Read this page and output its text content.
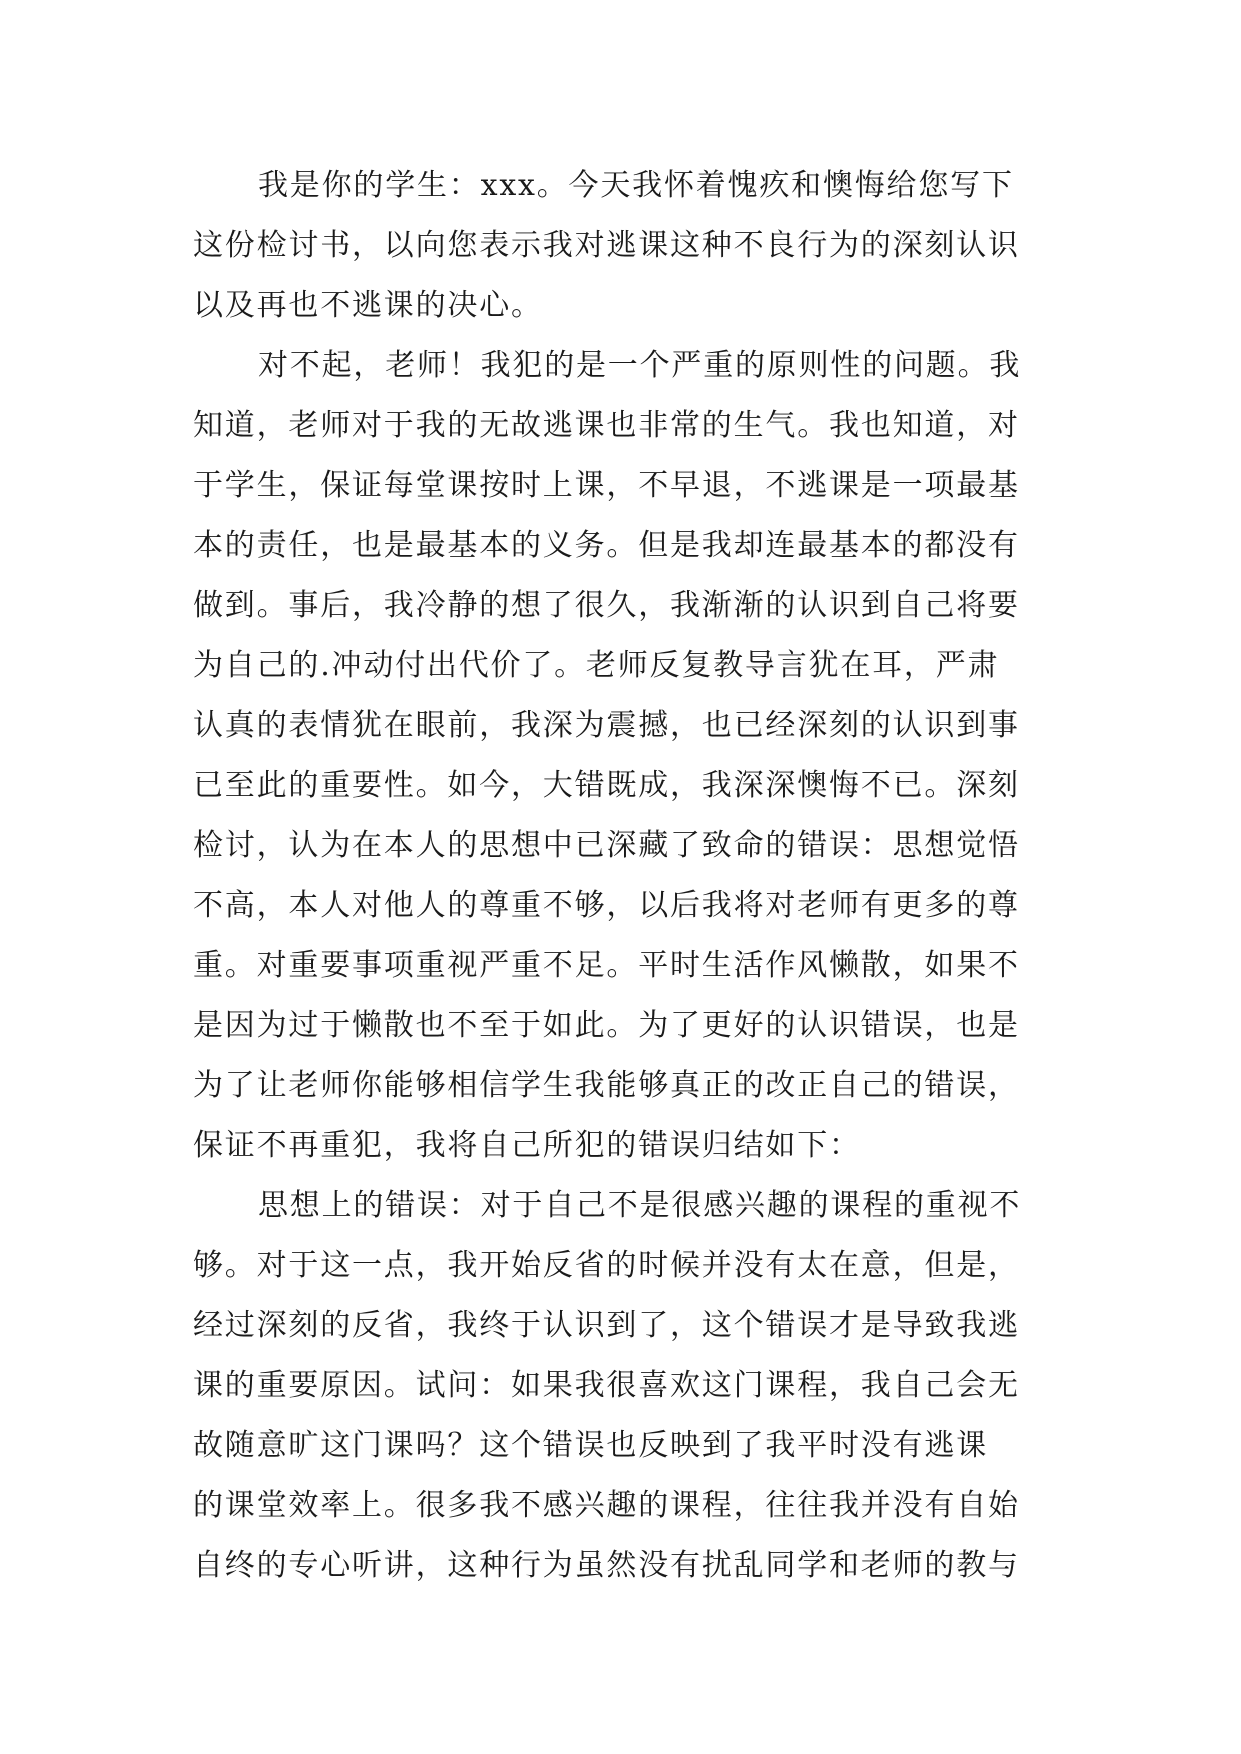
我是你的学生：xxx。今天我怀着愧疚和懊悔给您写下
这份检讨书，以向您表示我对逃课这种不良行为的深刻认识
以及再也不逃课的决心。
对不起，老师！我犯的是一个严重的原则性的问题。我
知道，老师对于我的无故逃课也非常的生气。我也知道，对
于学生，保证每堂课按时上课，不早退，不逃课是一项最基
本的责任，也是最基本的义务。但是我却连最基本的都没有
做到。事后，我冷静的想了很久，我渐渐的认识到自己将要
为自己的.冲动付出代价了。老师反复教导言犹在耳，严肃
认真的表情犹在眼前，我深为震撼，也已经深刻的认识到事
已至此的重要性。如今，大错既成，我深深懊悔不已。深刻
检讨，认为在本人的思想中已深藏了致命的错误：思想觉悟
不高，本人对他人的尊重不够，以后我将对老师有更多的尊
重。对重要事项重视严重不足。平时生活作风懒散，如果不
是因为过于懒散也不至于如此。为了更好的认识错误，也是
为了让老师你能够相信学生我能够真正的改正自己的错误，
保证不再重犯，我将自己所犯的错误归结如下：
思想上的错误：对于自己不是很感兴趣的课程的重视不
够。对于这一点，我开始反省的时候并没有太在意，但是，
经过深刻的反省，我终于认识到了，这个错误才是导致我逃
课的重要原因。试问：如果我很喜欢这门课程，我自己会无
故随意旷这门课吗？这个错误也反映到了我平时没有逃课
的课堂效率上。很多我不感兴趣的课程，往往我并没有自始
自终的专心听讲，这种行为虽然没有扰乱同学和老师的教与
